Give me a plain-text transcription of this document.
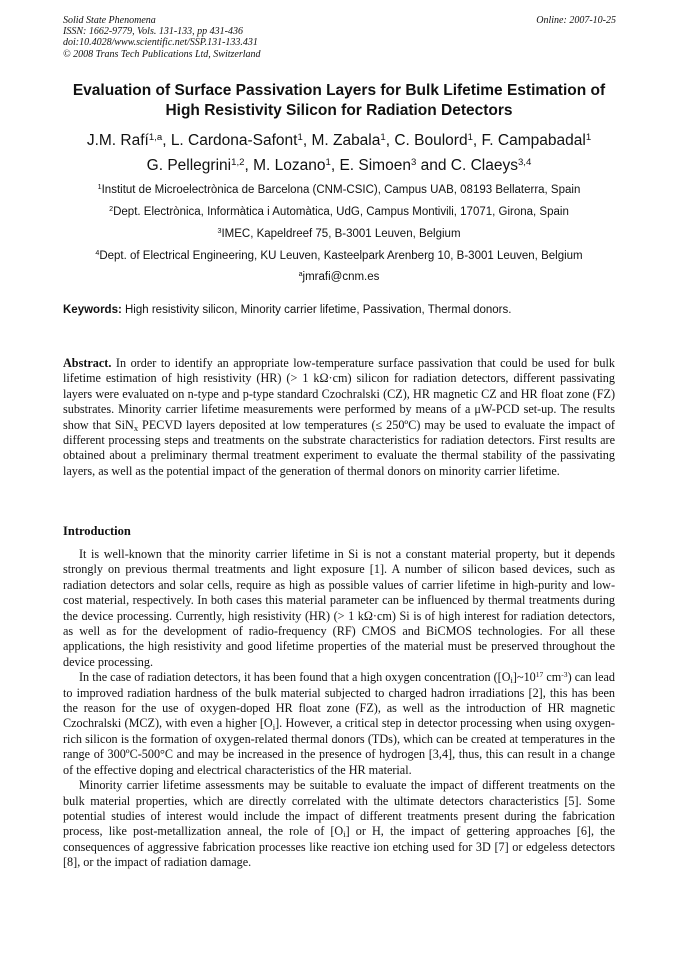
Solid State Phenomena
ISSN: 1662-9779, Vols. 131-133, pp 431-436
doi:10.4028/www.scientific.net/SSP.131-133.431
© 2008 Trans Tech Publications Ltd, Switzerland
Online: 2007-10-25
Evaluation of Surface Passivation Layers for Bulk Lifetime Estimation of
High Resistivity Silicon for Radiation Detectors
J.M. Rafí$^{1,a}$, L. Cardona-Safont$^1$, M. Zabala$^1$, C. Boulord$^1$, F. Campabadal$^1$
G. Pellegrini$^{1,2}$, M. Lozano$^1$, E. Simoen$^3$ and C. Claeys$^{3,4}$
$^1$Institut de Microelectrònica de Barcelona (CNM-CSIC), Campus UAB, 08193 Bellaterra, Spain
$^2$Dept. Electrònica, Informàtica i Automàtica, UdG, Campus Montivili, 17071, Girona, Spain
$^3$IMEC, Kapeldreef 75, B-3001 Leuven, Belgium
$^4$Dept. of Electrical Engineering, KU Leuven, Kasteelpark Arenberg 10, B-3001 Leuven, Belgium
$^a$jmrafi@cnm.es
Keywords: High resistivity silicon, Minority carrier lifetime, Passivation, Thermal donors.
Abstract. In order to identify an appropriate low-temperature surface passivation that could be used for bulk lifetime estimation of high resistivity (HR) (> 1 kΩ·cm) silicon for radiation detectors, different passivating layers were evaluated on n-type and p-type standard Czochralski (CZ), HR magnetic CZ and HR float zone (FZ) substrates. Minority carrier lifetime measurements were performed by means of a μW-PCD set-up. The results show that SiN$_x$ PECVD layers deposited at low temperatures (≤ 250ºC) may be used to evaluate the impact of different processing steps and treatments on the substrate characteristics for radiation detectors. First results are obtained about a preliminary thermal treatment experiment to evaluate the thermal stability of the passivating layers, as well as the potential impact of the generation of thermal donors on minority carrier lifetime.
Introduction

It is well-known that the minority carrier lifetime in Si is not a constant material property, but it depends strongly on previous thermal treatments and light exposure [1]. A number of silicon based devices, such as radiation detectors and solar cells, require as high as possible values of carrier lifetime in high-purity and low-cost material, respectively. In both cases this material parameter can be influenced by thermal treatments during the device processing. Currently, high resistivity (HR) (> 1 kΩ·cm) Si is of high interest for radiation detectors, as well as for the development of radio-frequency (RF) CMOS and BiCMOS technologies. For all these applications, the high resistivity and good lifetime properties of the material must be preserved throughout the device processing.

In the case of radiation detectors, it has been found that a high oxygen concentration ($[O_i]\sim 10^{17}$ $cm^{-3}$) can lead to improved radiation hardness of the bulk material subjected to charged hadron irradiations [2], this has been the reason for the use of oxygen-doped HR float zone (FZ), as well as the introduction of HR magnetic Czochralski (MCZ), with even a higher $[O_i]$. However, a critical step in detector processing when using oxygen-rich silicon is the formation of oxygen-related thermal donors (TDs), which can be created at temperatures in the range of 300ºC-500°C and may be increased in the presence of hydrogen [3,4], thus, this can result in a change of the effective doping and electrical characteristics of the HR material.

Minority carrier lifetime assessments may be suitable to evaluate the impact of different treatments on the bulk material properties, which are directly correlated with the ultimate detectors characteristics [5]. Some potential studies of interest would include the impact of different treatments present during the fabrication process, like post-metallization anneal, the role of $[O_i]$ or H, the impact of gettering approaches [6], the consequences of aggressive fabrication processes like reactive ion etching used for 3D [7] or edgeless detectors [8], or the impact of radiation damage.
